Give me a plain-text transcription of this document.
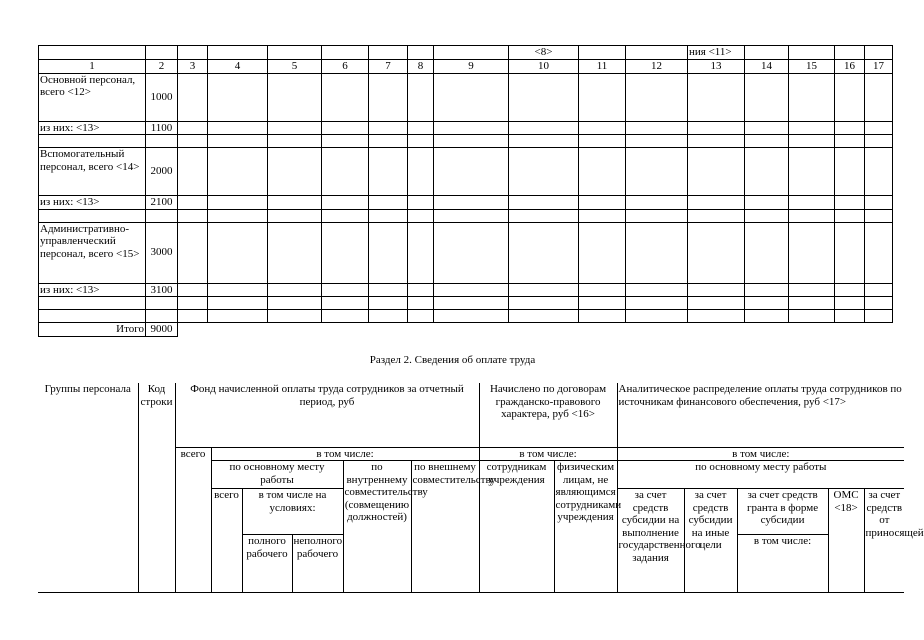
									<8>			ния <11>				
1	2	3	4	5	6	7	8	9	10	11	12	13	14	15	16	17
Основной персонал, всего <12>	1000															
из них: <13>	1100															

Вспомогательный персонал, всего <14>	2000															
из них: <13>	2100															

Административно-управленческий персонал, всего <15>	3000															
из них: <13>	3100															

Итого	9000															
Раздел 2. Сведения об оплате труда
Группы персонала	Код строки	Фонд начисленной оплаты труда сотрудников за отчетный период, руб						Начислено по договорам гражданско-правового характера, руб <16>		Аналитическое распределение оплаты труда сотрудников по источникам финансового обеспечения, руб <17>				
		всего	в том числе:					в том числе:		в том числе:				
			по основному месту работы			по внутреннему совместительству (совмещению должностей)	по внешнему совместительству	сотрудникам учреждения	физическим лицам, не являющимся сотрудниками учреждения	по основному месту работы				
			всего	в том числе на условиях:						за счет средств субсидии на выполнение государственного задания	за счет средств субсидии на иные цели	за счет средств гранта в форме субсидии	ОМС <18>	за счет средств от приносящей
				полного рабочего	неполного рабочего							в том числе:		
